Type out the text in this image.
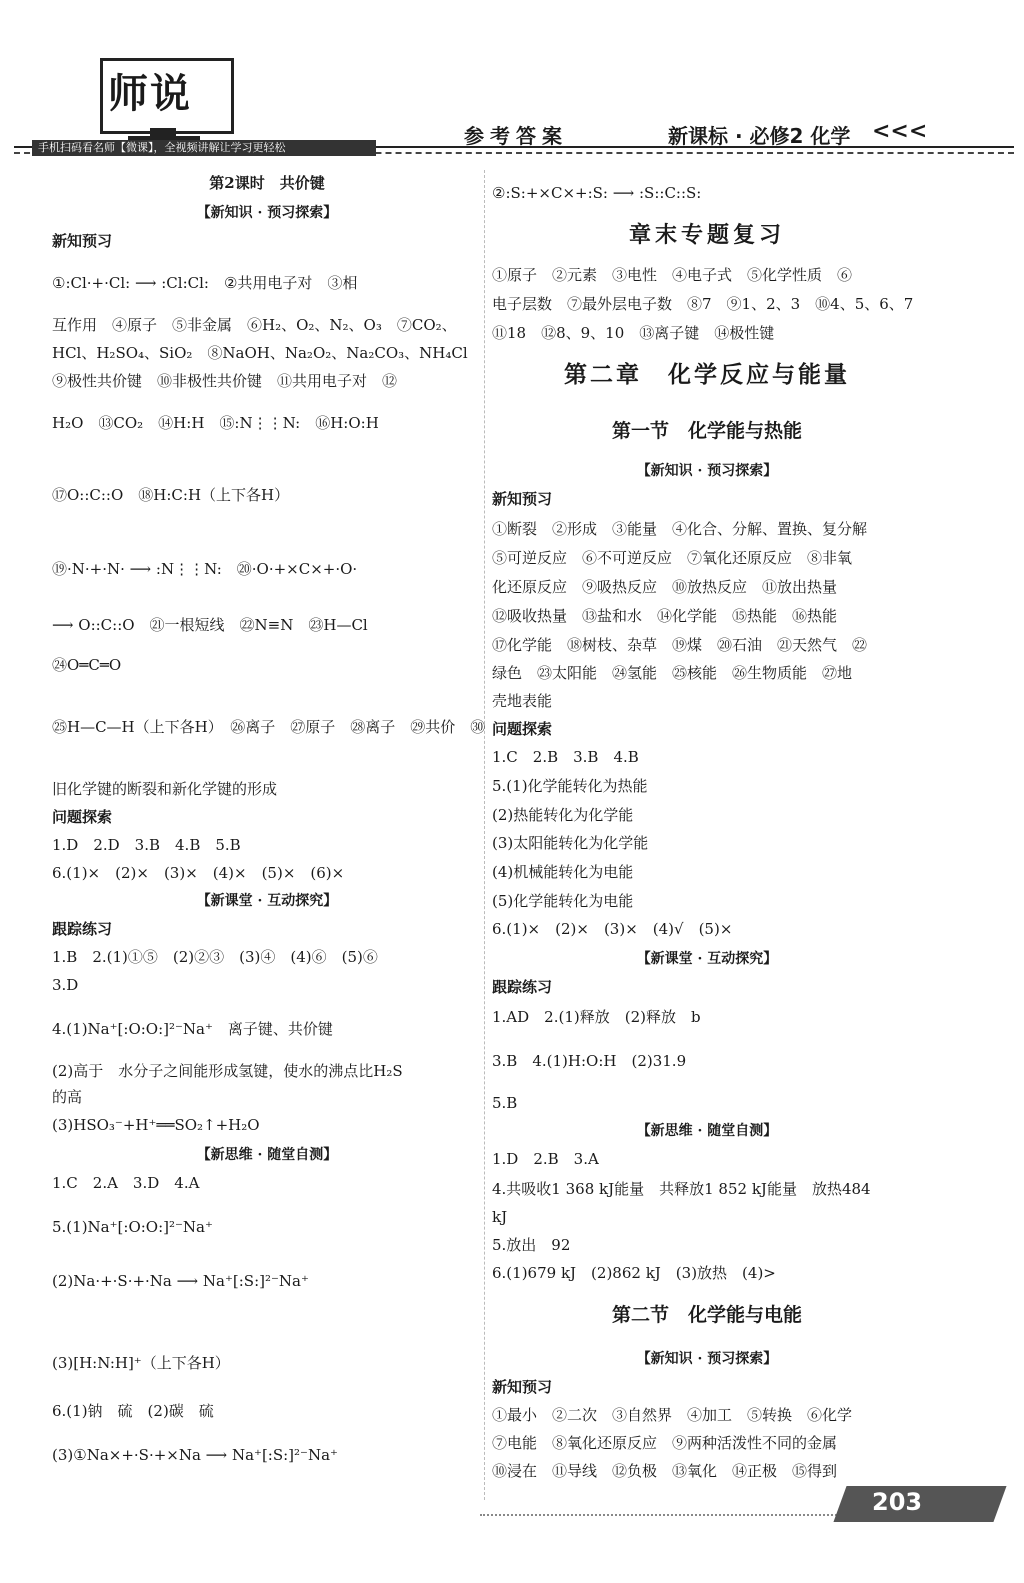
师说
手机扫码看名师【微课】，全视频讲解让学习更轻松	参考答案	新课标 · 必修2 化学 <<<
第2课时　共价键
【新知识 · 预习探索】
新知预习
①:Cl·+·Cl: ⟶ :Cl:Cl:　②共用电子对　③相
互作用　④原子　⑤非金属　⑥H₂、O₂、N₂、O₃　⑦CO₂、
HCl、H₂SO₄、SiO₂　⑧NaOH、Na₂O₂、Na₂CO₃、NH₄Cl
⑨极性共价键　⑩非极性共价键　⑪共用电子对　⑫
H₂O　⑬CO₂　⑭H:H　⑮:N⋮⋮N:　⑯H:O:H
⑰O::C::O　⑱H:C:H（上下各H）
⑲·N·+·N· ⟶ :N⋮⋮N:　⑳·O·+×C×+·O·
⟶ O::C::O　㉑一根短线　㉒N≡N　㉓H—Cl
㉔O═C═O
㉕H—C—H（上下各H）　㉖离子　㉗原子　㉘离子　㉙共价　㉚
旧化学键的断裂和新化学键的形成
问题探索
1.D　2.D　3.B　4.B　5.B
6.(1)×　(2)×　(3)×　(4)×　(5)×　(6)×
【新课堂 · 互动探究】
跟踪练习
1.B　2.(1)①⑤　(2)②③　(3)④　(4)⑥　(5)⑥
3.D
4.(1)Na⁺[:O:O:]²⁻Na⁺　离子键、共价键
(2)高于　水分子之间能形成氢键，使水的沸点比H₂S
的高
(3)HSO₃⁻+H⁺══SO₂↑+H₂O
【新思维 · 随堂自测】
1.C　2.A　3.D　4.A
5.(1)Na⁺[:O:O:]²⁻Na⁺
(2)Na·+·S·+·Na ⟶ Na⁺[:S:]²⁻Na⁺
(3)[H:N:H]⁺（上下各H）
6.(1)钠　硫　(2)碳　硫
(3)①Na×+·S·+×Na ⟶ Na⁺[:S:]²⁻Na⁺
②:S:+×C×+:S: ⟶ :S::C::S:
章末专题复习
①原子　②元素　③电性　④电子式　⑤化学性质　⑥
电子层数　⑦最外层电子数　⑧7　⑨1、2、3　⑩4、5、6、7
⑪18　⑫8、9、10　⑬离子键　⑭极性键
第二章　化学反应与能量
第一节　化学能与热能
【新知识 · 预习探索】
新知预习
①断裂　②形成　③能量　④化合、分解、置换、复分解
⑤可逆反应　⑥不可逆反应　⑦氧化还原反应　⑧非氧
化还原反应　⑨吸热反应　⑩放热反应　⑪放出热量
⑫吸收热量　⑬盐和水　⑭化学能　⑮热能　⑯热能
⑰化学能　⑱树枝、杂草　⑲煤　⑳石油　㉑天然气　㉒
绿色　㉓太阳能　㉔氢能　㉕核能　㉖生物质能　㉗地
壳地表能
问题探索
1.C　2.B　3.B　4.B
5.(1)化学能转化为热能
(2)热能转化为化学能
(3)太阳能转化为化学能
(4)机械能转化为电能
(5)化学能转化为电能
6.(1)×　(2)×　(3)×　(4)√　(5)×
【新课堂 · 互动探究】
跟踪练习
1.AD　2.(1)释放　(2)释放　b
3.B　4.(1)H:O:H　(2)31.9
5.B
【新思维 · 随堂自测】
1.D　2.B　3.A
4.共吸收1 368 kJ能量　共释放1 852 kJ能量　放热484
kJ
5.放出　92
6.(1)679 kJ　(2)862 kJ　(3)放热　(4)>
第二节　化学能与电能
【新知识 · 预习探索】
新知预习
①最小　②二次　③自然界　④加工　⑤转换　⑥化学
⑦电能　⑧氧化还原反应　⑨两种活泼性不同的金属
⑩浸在　⑪导线　⑫负极　⑬氧化　⑭正极　⑮得到
203
